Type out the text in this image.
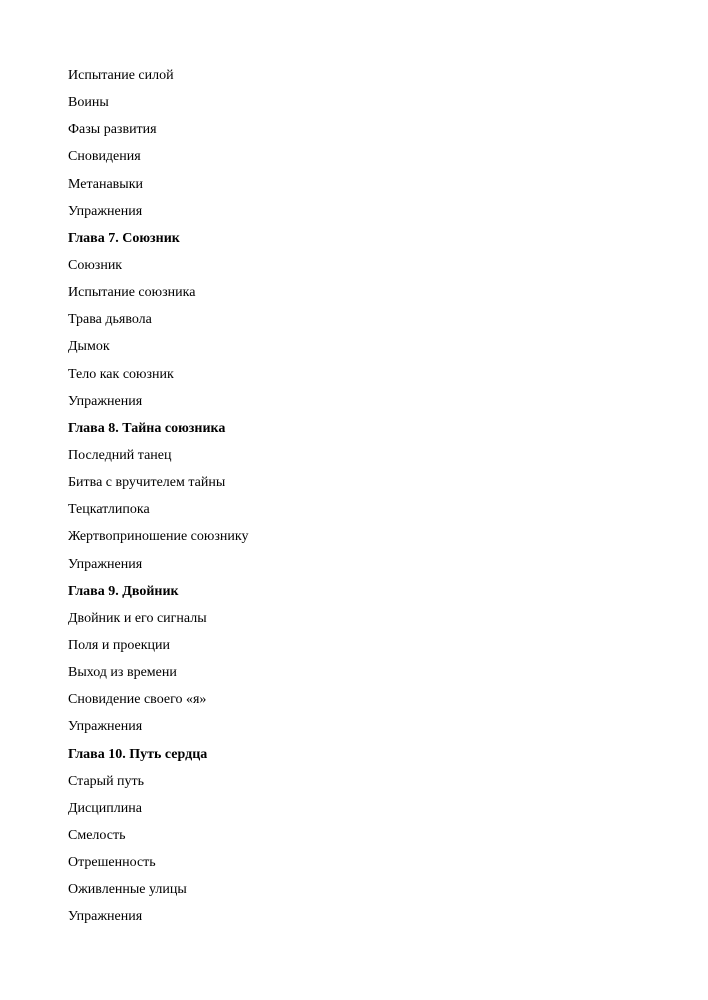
Испытание силой
Воины
Фазы развития
Сновидения
Метанавыки
Упражнения
Глава 7. Союзник
Союзник
Испытание союзника
Трава дьявола
Дымок
Тело как союзник
Упражнения
Глава 8. Тайна союзника
Последний танец
Битва с вручителем тайны
Тецкатлипока
Жертвоприношение союзнику
Упражнения
Глава 9. Двойник
Двойник и его сигналы
Поля и проекции
Выход из времени
Сновидение своего «я»
Упражнения
Глава 10. Путь сердца
Старый путь
Дисциплина
Смелость
Отрешенность
Оживленные улицы
Упражнения
